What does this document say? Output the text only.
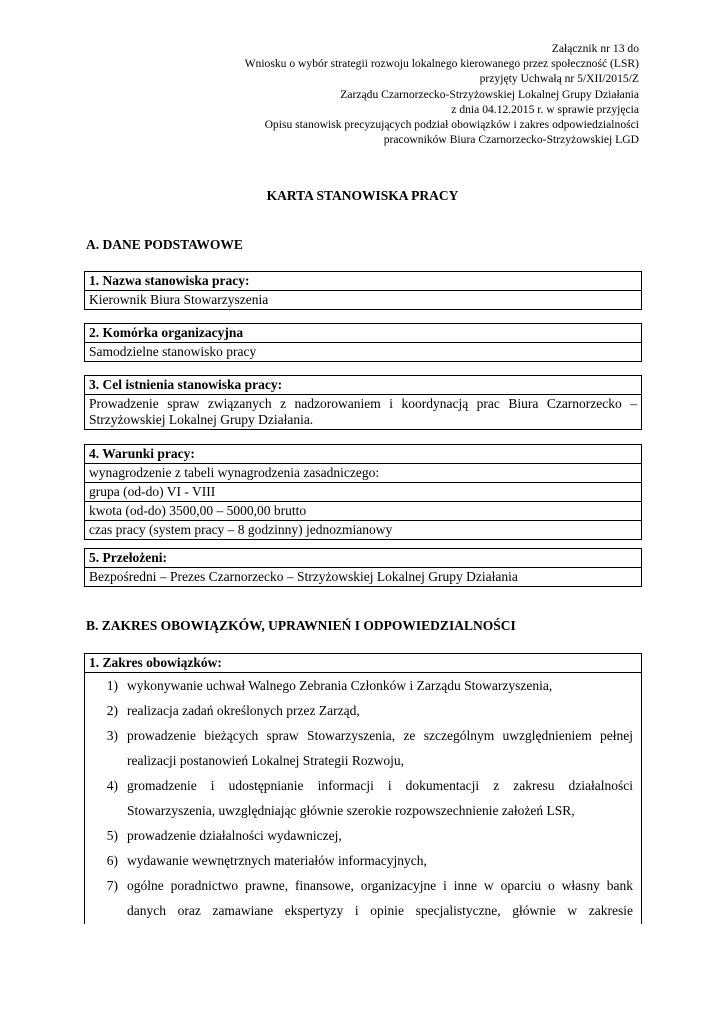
Załącznik nr 13 do
Wniosku o wybór strategii rozwoju lokalnego kierowanego przez społeczność (LSR)
przyjęty Uchwałą nr 5/XII/2015/Z
Zarządu Czarnorzecko-Strzyżowskiej Lokalnej Grupy Działania
z dnia 04.12.2015 r. w sprawie przyjęcia
Opisu stanowisk precyzujących podział obowiązków i zakres odpowiedzialności
pracowników Biura Czarnorzecko-Strzyżowskiej LGD
KARTA STANOWISKA PRACY
A. DANE PODSTAWOWE
1. Nazwa stanowiska pracy:
Kierownik Biura Stowarzyszenia
2. Komórka organizacyjna
Samodzielne stanowisko pracy
3. Cel istnienia stanowiska pracy:
Prowadzenie spraw związanych z nadzorowaniem i koordynacją prac Biura Czarnorzecko – Strzyżowskiej Lokalnej Grupy Działania.
4. Warunki pracy:
wynagrodzenie z tabeli wynagrodzenia zasadniczego:
grupa (od-do) VI - VIII
kwota (od-do) 3500,00 – 5000,00 brutto
czas pracy (system pracy – 8 godzinny) jednozmianowy
5. Przełożeni:
Bezpośredni – Prezes Czarnorzecko – Strzyżowskiej Lokalnej Grupy Działania
B. ZAKRES OBOWIĄZKÓW, UPRAWNIEŃ I ODPOWIEDZIALNOŚCI
1. Zakres obowiązków:
1) wykonywanie uchwał Walnego Zebrania Członków i Zarządu Stowarzyszenia,
2) realizacja zadań określonych przez Zarząd,
3) prowadzenie bieżących spraw Stowarzyszenia, ze szczególnym uwzględnieniem pełnej realizacji postanowień Lokalnej Strategii Rozwoju,
4) gromadzenie i udostępnianie informacji i dokumentacji z zakresu działalności Stowarzyszenia, uwzględniając głównie szerokie rozpowszechnienie założeń LSR,
5) prowadzenie działalności wydawniczej,
6) wydawanie wewnętrznych materiałów informacyjnych,
7) ogólne poradnictwo prawne, finansowe, organizacyjne i inne w oparciu o własny bank danych oraz zamawiane ekspertyzy i opinie specjalistyczne, głównie w zakresie
